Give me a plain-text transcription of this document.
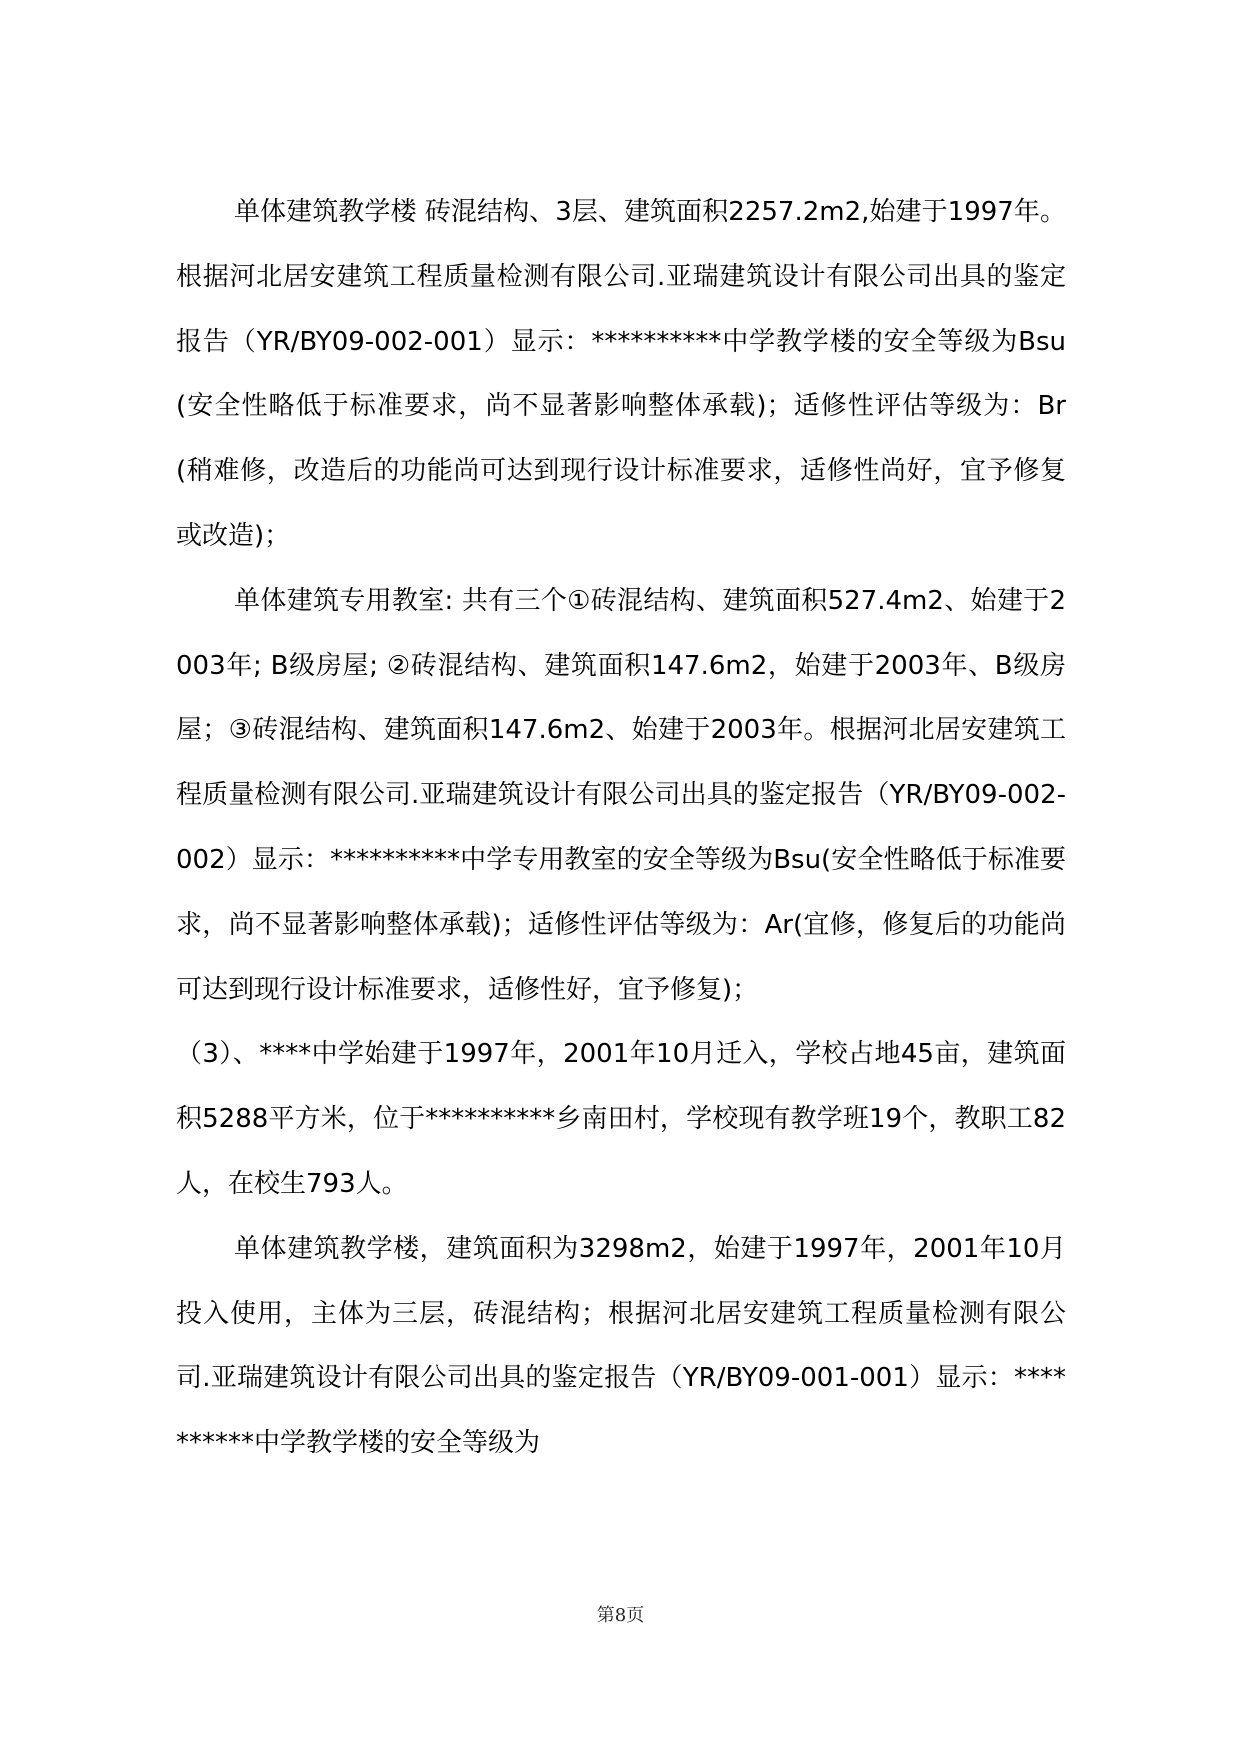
单体建筑教学楼 砖混结构、3层、建筑面积2257.2m2,始建于1997年。根据河北居安建筑工程质量检测有限公司.亚瑞建筑设计有限公司出具的鉴定报告（YR/BY09-002-001）显示：**********中学教学楼的安全等级为Bsu(安全性略低于标准要求，尚不显著影响整体承载)；适修性评估等级为：Br(稍难修，改造后的功能尚可达到现行设计标准要求，适修性尚好，宜予修复或改造)；

单体建筑专用教室: 共有三个①砖混结构、建筑面积527.4m2、始建于2003年; B级房屋; ②砖混结构、建筑面积147.6m2，始建于2003年、B级房屋；③砖混结构、建筑面积147.6m2、始建于2003年。根据河北居安建筑工程质量检测有限公司.亚瑞建筑设计有限公司出具的鉴定报告（YR/BY09-002-002）显示：**********中学专用教室的安全等级为Bsu(安全性略低于标准要求，尚不显著影响整体承载)；适修性评估等级为：Ar(宜修，修复后的功能尚可达到现行设计标准要求，适修性好，宜予修复)；

（3）、****中学始建于1997年，2001年10月迁入，学校占地45亩，建筑面积5288平方米，位于**********乡南田村，学校现有教学班19个，教职工82人，在校生793人。

单体建筑教学楼，建筑面积为3298m2，始建于1997年，2001年10月投入使用，主体为三层，砖混结构；根据河北居安建筑工程质量检测有限公司.亚瑞建筑设计有限公司出具的鉴定报告（YR/BY09-001-001）显示：**********中学教学楼的安全等级为

第8页
